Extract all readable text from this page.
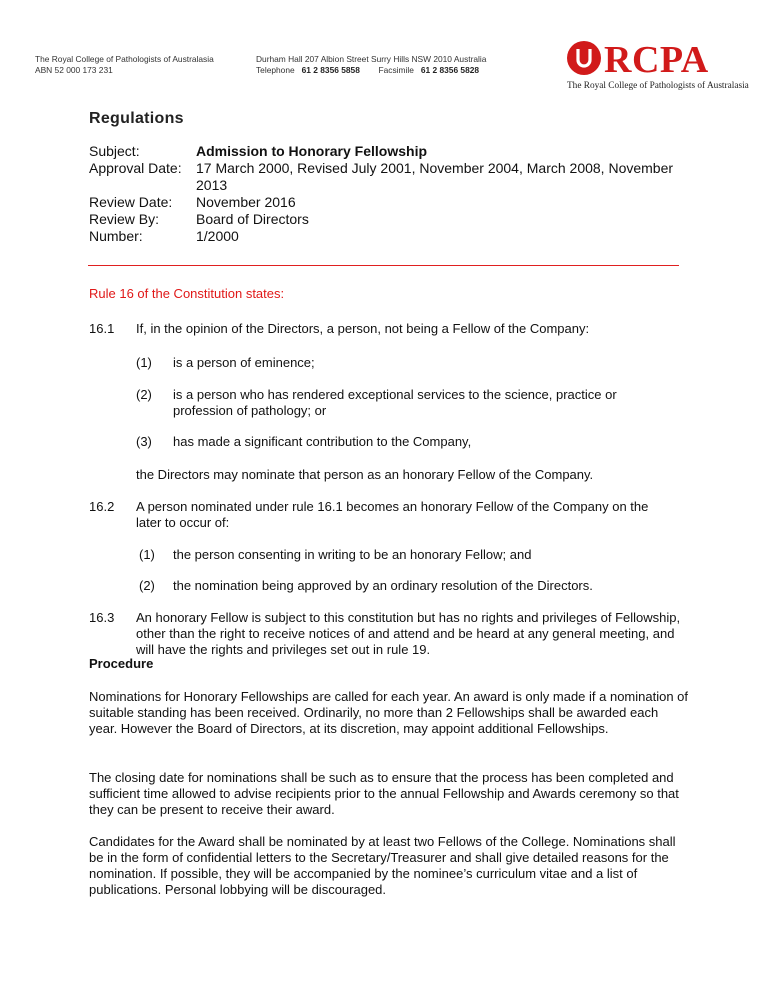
The Royal College of Pathologists of Australasia
ABN 52 000 173 231
Durham Hall 207 Albion Street Surry Hills NSW 2010 Australia
Telephone 61 2 8356 5858 Facsimile 61 2 8356 5828	RCPA
The Royal College of Pathologists of Australasia
Regulations
Subject:	Admission to Honorary Fellowship
Approval Date:	17 March 2000, Revised July 2001, November 2004, March 2008, November 2013
Review Date:	November 2016
Review By:	Board of Directors
Number:	1/2000
Rule 16 of the Constitution states:
16.1 If, in the opinion of the Directors, a person, not being a Fellow of the Company:
(1) is a person of eminence;
(2) is a person who has rendered exceptional services to the science, practice or profession of pathology; or
(3) has made a significant contribution to the Company,
the Directors may nominate that person as an honorary Fellow of the Company.
16.2 A person nominated under rule 16.1 becomes an honorary Fellow of the Company on the later to occur of:
(1) the person consenting in writing to be an honorary Fellow; and
(2) the nomination being approved by an ordinary resolution of the Directors.
16.3 An honorary Fellow is subject to this constitution but has no rights and privileges of Fellowship, other than the right to receive notices of and attend and be heard at any general meeting, and will have the rights and privileges set out in rule 19.
Procedure
Nominations for Honorary Fellowships are called for each year. An award is only made if a nomination of suitable standing has been received. Ordinarily, no more than 2 Fellowships shall be awarded each year. However the Board of Directors, at its discretion, may appoint additional Fellowships.
The closing date for nominations shall be such as to ensure that the process has been completed and sufficient time allowed to advise recipients prior to the annual Fellowship and Awards ceremony so that they can be present to receive their award.
Candidates for the Award shall be nominated by at least two Fellows of the College. Nominations shall be in the form of confidential letters to the Secretary/Treasurer and shall give detailed reasons for the nomination. If possible, they will be accompanied by the nominee’s curriculum vitae and a list of publications. Personal lobbying will be discouraged.
